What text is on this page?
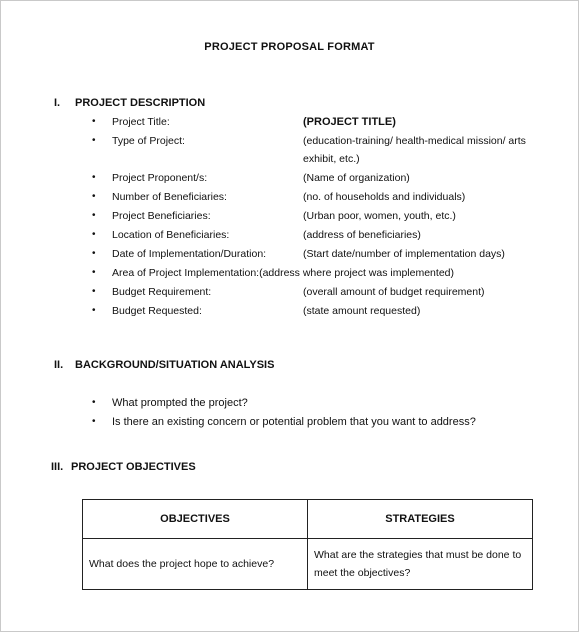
PROJECT PROPOSAL FORMAT
I. PROJECT DESCRIPTION
• Project Title:	(PROJECT TITLE)
• Type of Project:	(education-training/ health-medical mission/ arts
exhibit, etc.)
• Project Proponent/s:	(Name of organization)
• Number of Beneficiaries:	(no. of households and individuals)
• Project Beneficiaries:	(Urban poor, women, youth, etc.)
• Location of Beneficiaries:	(address of beneficiaries)
• Date of Implementation/Duration:	(Start date/number of implementation days)
• Area of Project Implementation:(address where project was implemented)
• Budget Requirement:	(overall amount of budget requirement)
• Budget Requested:	(state amount requested)
II. BACKGROUND/SITUATION ANALYSIS
• What prompted the project?
• Is there an existing concern or potential problem that you want to address?
III. PROJECT OBJECTIVES
OBJECTIVES	STRATEGIES
What does the project hope to achieve?	What are the strategies that must be done to meet the objectives?
